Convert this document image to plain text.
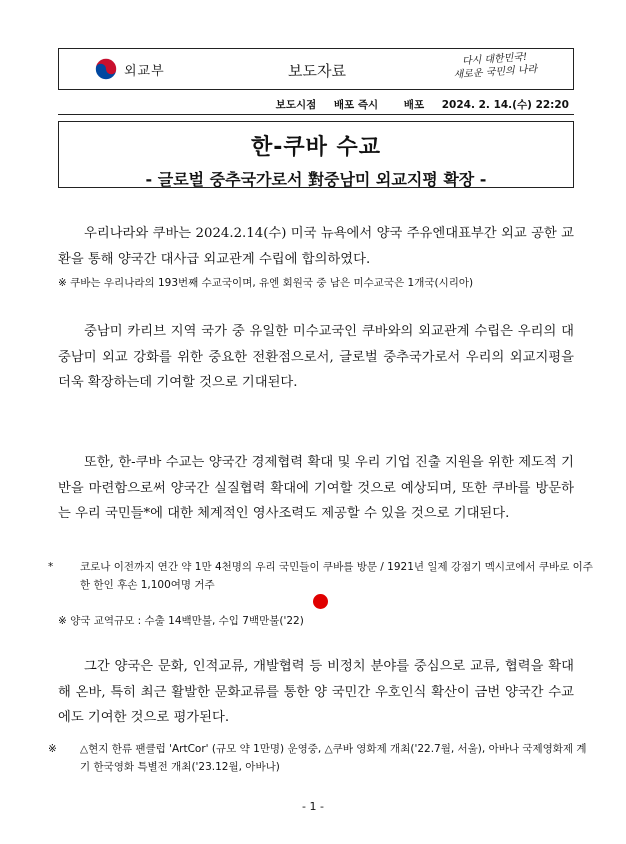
외교부	보도자료
다시 대한민국!
새로운 국민의 나라
보도시점 배포 즉시 배포 2024. 2. 14.(수) 22:20
한-쿠바 수교
- 글로벌 중추국가로서 對중남미 외교지평 확장 -

우리나라와 쿠바는 2024.2.14(수) 미국 뉴욕에서 양국 주유엔대표부간 외교 공한 교환을 통해 양국간 대사급 외교관계 수립에 합의하였다.

※ 쿠바는 우리나라의 193번째 수교국이며, 유엔 회원국 중 남은 미수교국은 1개국(시리아)

중남미 카리브 지역 국가 중 유일한 미수교국인 쿠바와의 외교관계 수립은 우리의 대중남미 외교 강화를 위한 중요한 전환점으로서, 글로벌 중추국가로서 우리의 외교지평을 더욱 확장하는데 기여할 것으로 기대된다.

또한, 한-쿠바 수교는 양국간 경제협력 확대 및 우리 기업 진출 지원을 위한 제도적 기반을 마련함으로써 양국간 실질협력 확대에 기여할 것으로 예상되며, 또한 쿠바를 방문하는 우리 국민들*에 대한 체계적인 영사조력도 제공할 수 있을 것으로 기대된다.

*	코로나 이전까지 연간 약 1만 4천명의 우리 국민들이 쿠바를 방문 / 1921년 일제 강점기 멕시코에서 쿠바로 이주한 한인 후손 1,100여명 거주

※ 양국 교역규모 : 수출 14백만불, 수입 7백만불('22)

그간 양국은 문화, 인적교류, 개발협력 등 비정치 분야를 중심으로 교류, 협력을 확대해 온바, 특히 최근 활발한 문화교류를 통한 양 국민간 우호인식 확산이 금번 양국간 수교에도 기여한 것으로 평가된다.

※ △현지 한류 팬클럽 'ArtCor' (규모 약 1만명) 운영중, △쿠바 영화제 개최('22.7월, 서울), 아바나 국제영화제 계기 한국영화 특별전 개최('23.12월, 아바나)

- 1 -
